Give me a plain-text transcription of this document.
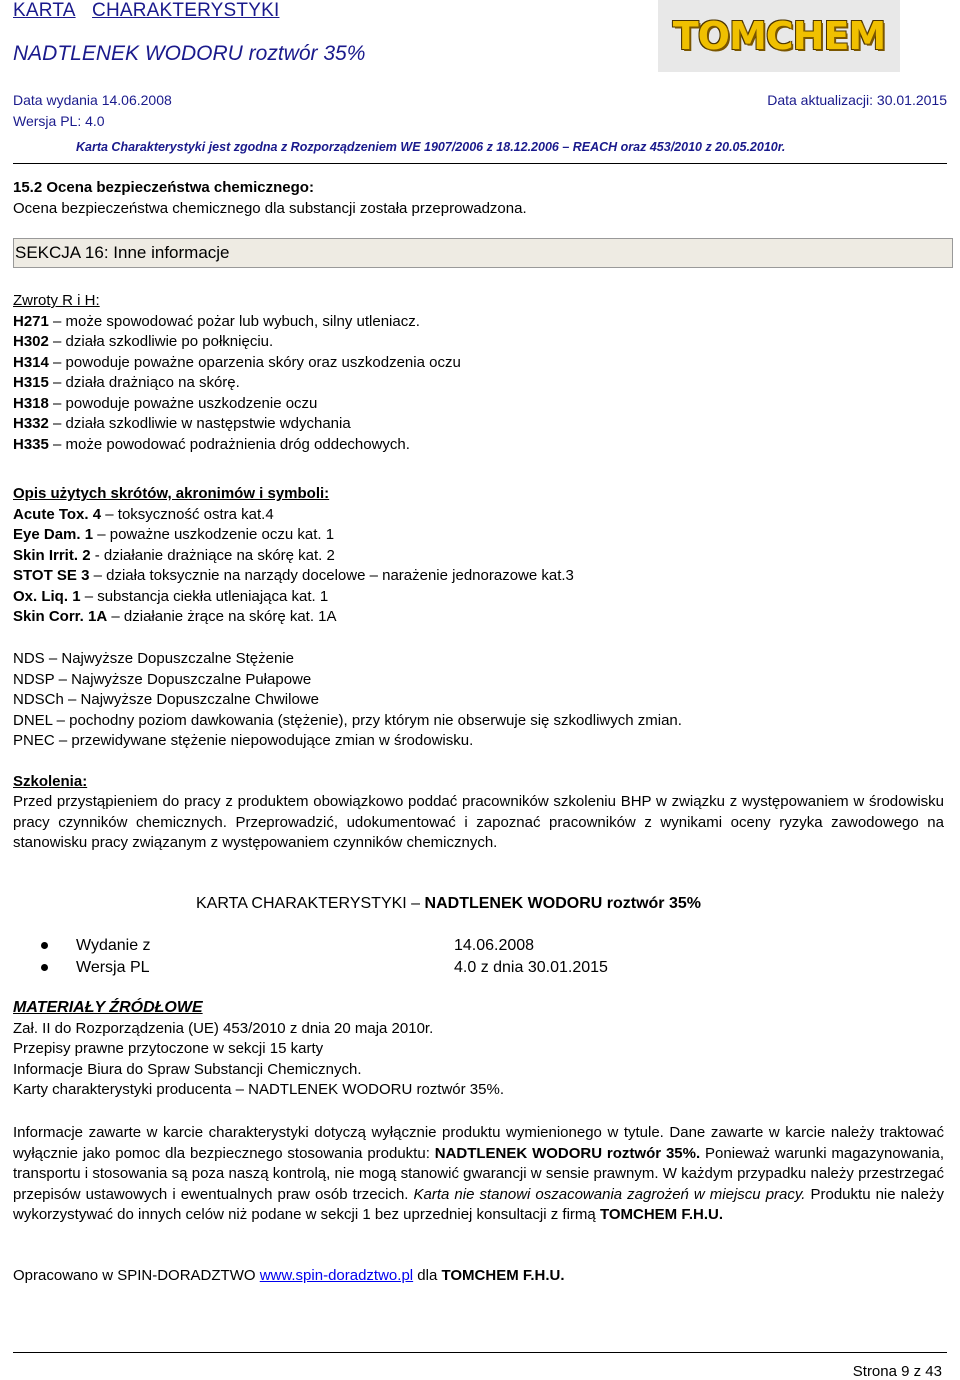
KARTA CHARAKTERYSTYKI
NADTLENEK WODORU roztwór 35%	TOMCHEM
Data wydania 14.06.2008	Data aktualizacji: 30.01.2015
Wersja PL: 4.0
Karta Charakterystyki jest zgodna z Rozporządzeniem WE 1907/2006 z 18.12.2006 – REACH oraz 453/2010 z 20.05.2010r.
15.2 Ocena bezpieczeństwa chemicznego:
Ocena bezpieczeństwa chemicznego dla substancji została przeprowadzona.
SEKCJA 16: Inne informacje
Zwroty R i H:
H271 – może spowodować pożar lub wybuch, silny utleniacz.
H302 – działa szkodliwie po połknięciu.
H314 – powoduje poważne oparzenia skóry oraz uszkodzenia oczu
H315 – działa drażniąco na skórę.
H318 – powoduje poważne uszkodzenie oczu
H332 – działa szkodliwie w następstwie wdychania
H335 – może powodować podrażnienia dróg oddechowych.
Opis użytych skrótów, akronimów i symboli:
Acute Tox. 4 – toksyczność ostra kat.4
Eye Dam. 1 – poważne uszkodzenie oczu kat. 1
Skin Irrit. 2 - działanie drażniące na skórę kat. 2
STOT SE 3 – działa toksycznie na narządy docelowe – narażenie jednorazowe kat.3
Ox. Liq. 1 – substancja ciekła utleniająca kat. 1
Skin Corr. 1A – działanie żrące na skórę kat. 1A
NDS – Najwyższe Dopuszczalne Stężenie
NDSP – Najwyższe Dopuszczalne Pułapowe
NDSCh – Najwyższe Dopuszczalne Chwilowe
DNEL – pochodny poziom dawkowania (stężenie), przy którym nie obserwuje się szkodliwych zmian.
PNEC – przewidywane stężenie niepowodujące zmian w środowisku.
Szkolenia:
Przed przystąpieniem do pracy z produktem obowiązkowo poddać pracowników szkoleniu BHP w związku z występowaniem w środowisku pracy czynników chemicznych. Przeprowadzić, udokumentować i zapoznać pracowników z wynikami oceny ryzyka zawodowego na stanowisku pracy związanym z występowaniem czynników chemicznych.
KARTA CHARAKTERYSTYKI – NADTLENEK WODORU roztwór 35%
Wydanie z	14.06.2008
Wersja PL	4.0 z dnia 30.01.2015
MATERIAŁY ŹRÓDŁOWE
Zał. II do Rozporządzenia (UE) 453/2010 z dnia 20 maja 2010r.
Przepisy prawne przytoczone w sekcji 15 karty
Informacje Biura do Spraw Substancji Chemicznych.
Karty charakterystyki producenta – NADTLENEK WODORU roztwór 35%.
Informacje zawarte w karcie charakterystyki dotyczą wyłącznie produktu wymienionego w tytule. Dane zawarte w karcie należy traktować wyłącznie jako pomoc dla bezpiecznego stosowania produktu: NADTLENEK WODORU roztwór 35%. Ponieważ warunki magazynowania, transportu i stosowania są poza naszą kontrolą, nie mogą stanowić gwarancji w sensie prawnym. W każdym przypadku należy przestrzegać przepisów ustawowych i ewentualnych praw osób trzecich. Karta nie stanowi oszacowania zagrożeń w miejscu pracy. Produktu nie należy wykorzystywać do innych celów niż podane w sekcji 1 bez uprzedniej konsultacji z firmą TOMCHEM F.H.U.
Opracowano w SPIN-DORADZTWO www.spin-doradztwo.pl dla TOMCHEM F.H.U.
Strona 9 z 43
